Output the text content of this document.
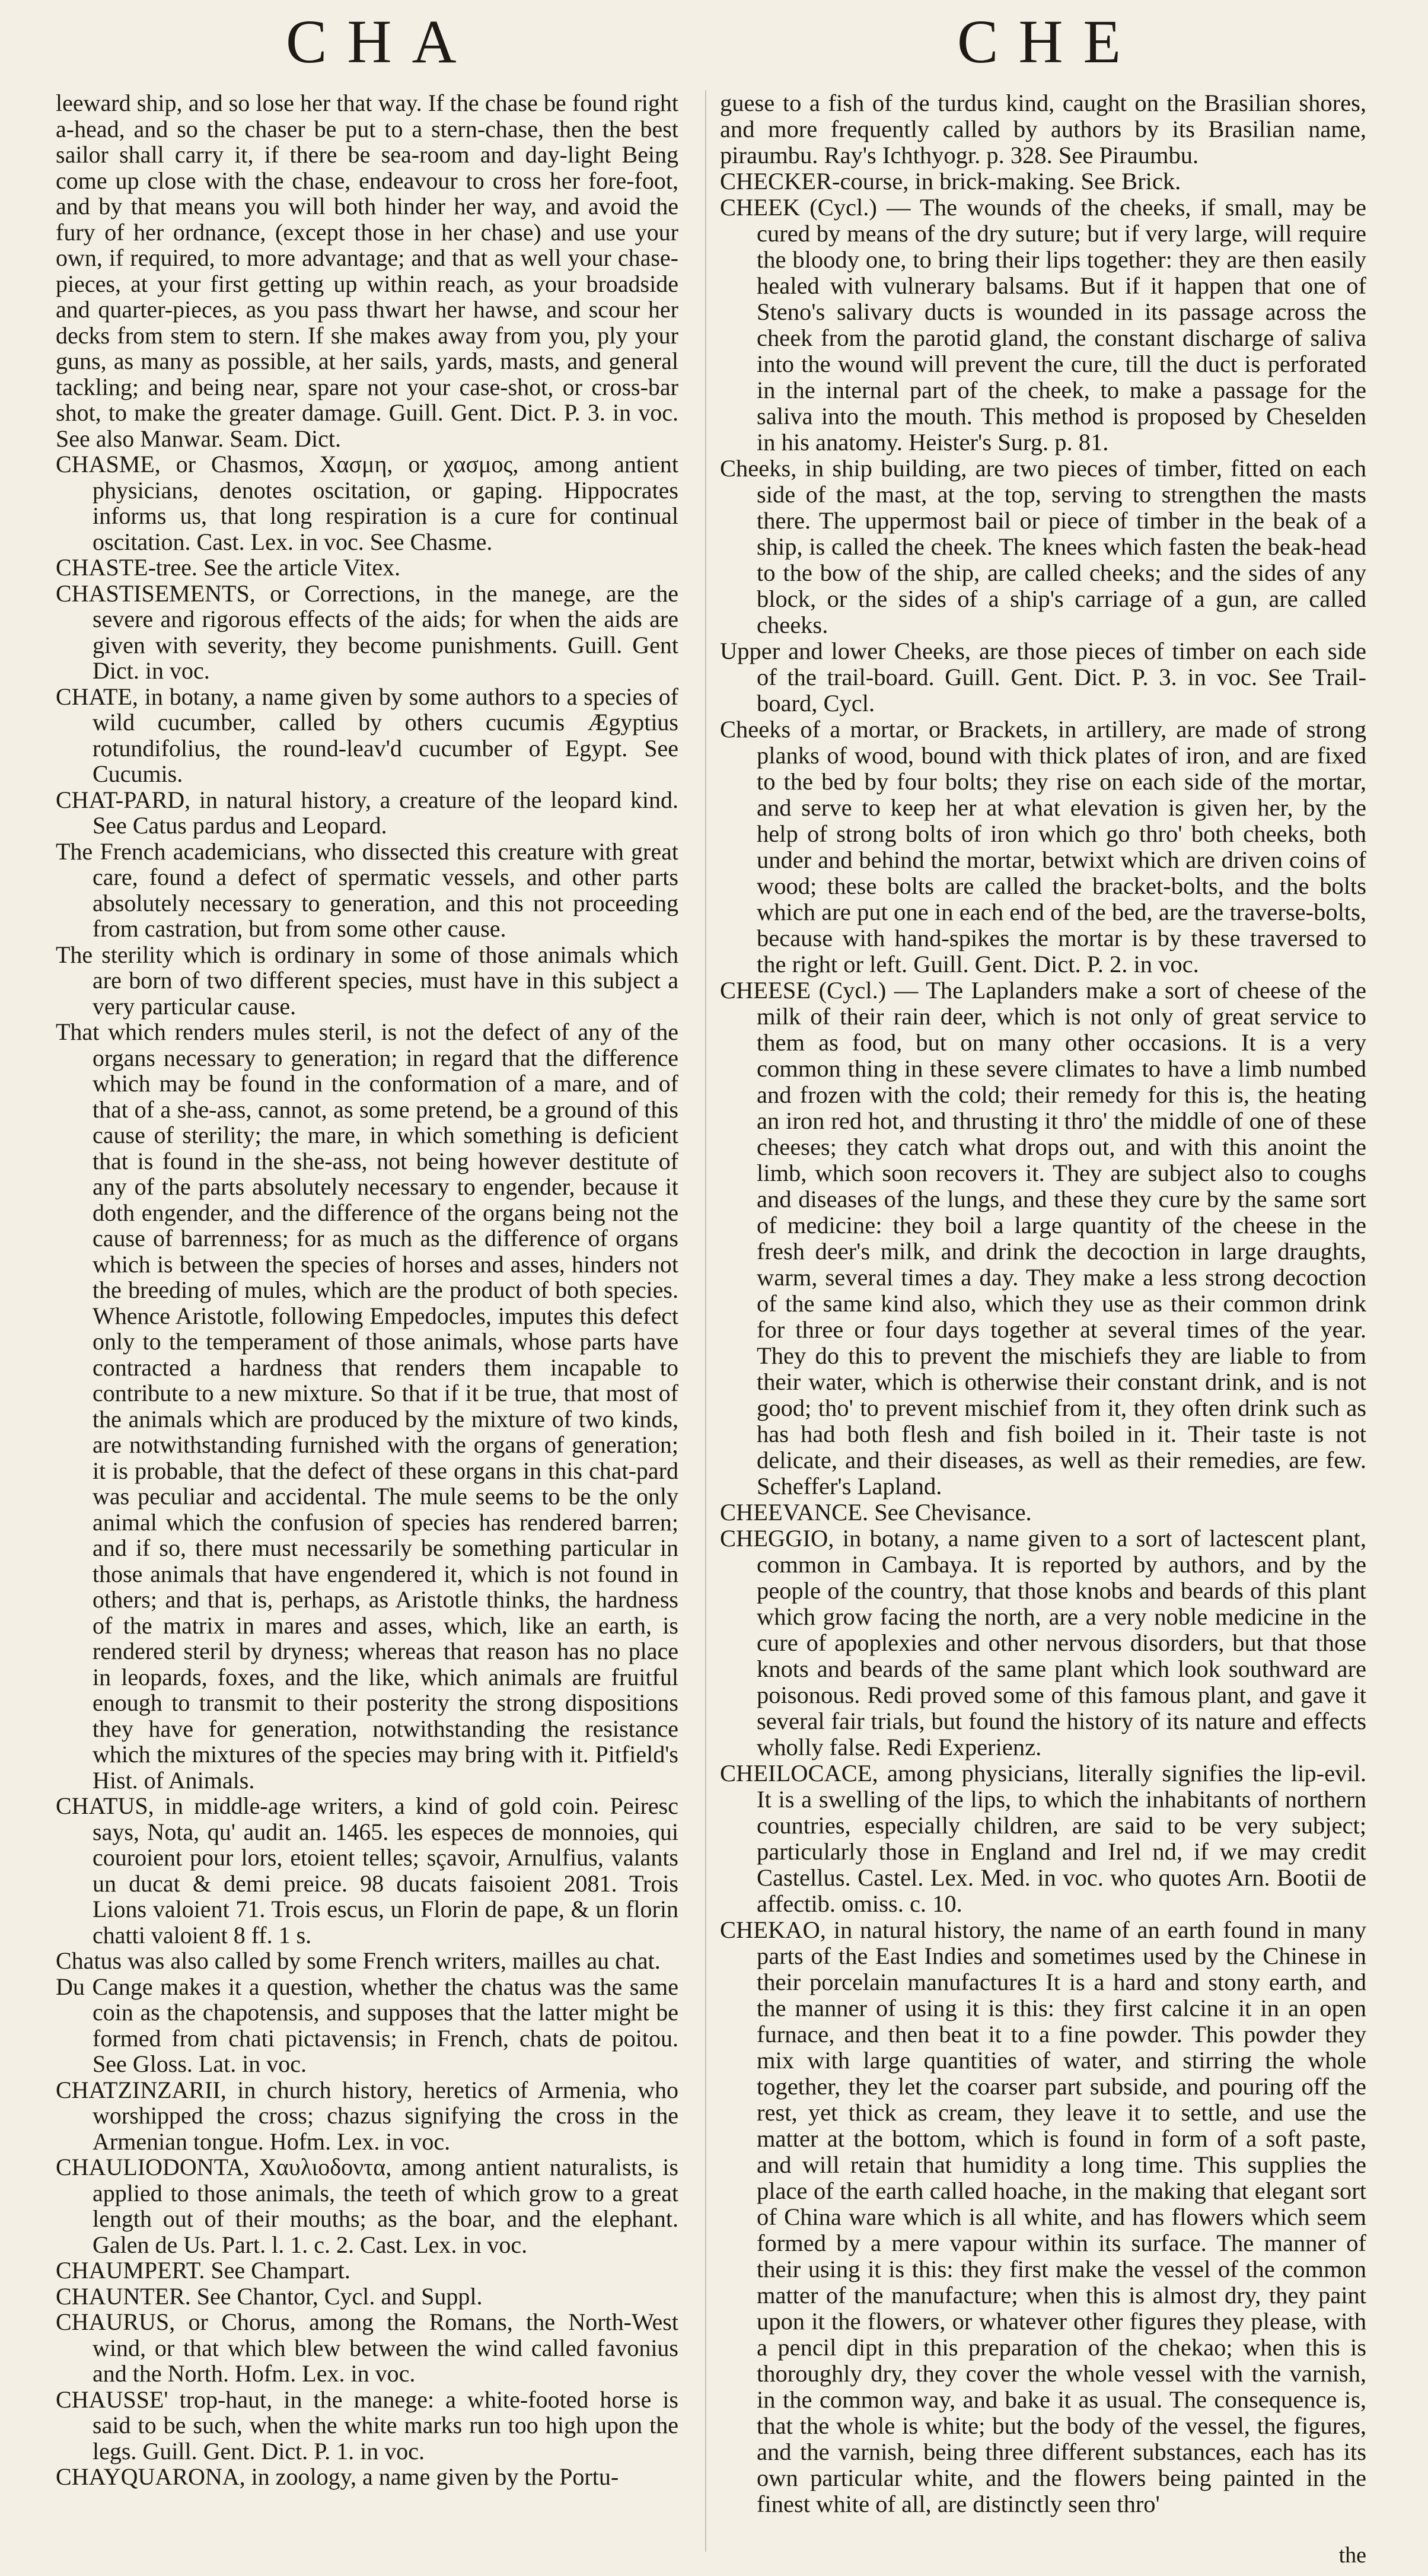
CHA	CHE

leeward ship, and so lose her that way. If the chase be found right a-head, and so the chaser be put to a stern-chase, then the best sailor shall carry it, if there be sea-room and day-light Being come up close with the chase, endeavour to cross her fore-foot, and by that means you will both hinder her way, and avoid the fury of her ordnance, (except those in her chase) and use your own, if required, to more advantage; and that as well your chase-pieces, at your first getting up within reach, as your broadside and quarter-pieces, as you pass thwart her hawse, and scour her decks from stem to stern. If she makes away from you, ply your guns, as many as possible, at her sails, yards, masts, and general tackling; and being near, spare not your case-shot, or cross-bar shot, to make the greater damage. Guill. Gent. Dict. P. 3. in voc. See also Manwar. Seam. Dict.

CHASME, or Chasmos, Χασμη, or χασμος, among antient physicians, denotes oscitation, or gaping. Hippocrates informs us, that long respiration is a cure for continual oscitation. Cast. Lex. in voc. See Chasme.

CHASTE-tree. See the article Vitex.

CHASTISEMENTS, or Corrections, in the manege, are the severe and rigorous effects of the aids; for when the aids are given with severity, they become punishments. Guill. Gent Dict. in voc.

CHATE, in botany, a name given by some authors to a species of wild cucumber, called by others cucumis Ægyptius rotundifolius, the round-leav'd cucumber of Egypt. See Cucumis.

CHAT-PARD, in natural history, a creature of the leopard kind. See Catus pardus and Leopard.

The French academicians, who dissected this creature with great care, found a defect of spermatic vessels, and other parts absolutely necessary to generation, and this not proceeding from castration, but from some other cause.

The sterility which is ordinary in some of those animals which are born of two different species, must have in this subject a very particular cause.

That which renders mules steril, is not the defect of any of the organs necessary to generation; in regard that the difference which may be found in the conformation of a mare, and of that of a she-ass, cannot, as some pretend, be a ground of this cause of sterility; the mare, in which something is deficient that is found in the she-ass, not being however destitute of any of the parts absolutely necessary to engender, because it doth engender, and the difference of the organs being not the cause of barrenness; for as much as the difference of organs which is between the species of horses and asses, hinders not the breeding of mules, which are the product of both species. Whence Aristotle, following Empedocles, imputes this defect only to the temperament of those animals, whose parts have contracted a hardness that renders them incapable to contribute to a new mixture. So that if it be true, that most of the animals which are produced by the mixture of two kinds, are notwithstanding furnished with the organs of generation; it is probable, that the defect of these organs in this chat-pard was peculiar and accidental. The mule seems to be the only animal which the confusion of species has rendered barren; and if so, there must necessarily be something particular in those animals that have engendered it, which is not found in others; and that is, perhaps, as Aristotle thinks, the hardness of the matrix in mares and asses, which, like an earth, is rendered steril by dryness; whereas that reason has no place in leopards, foxes, and the like, which animals are fruitful enough to transmit to their posterity the strong dispositions they have for generation, notwithstanding the resistance which the mixtures of the species may bring with it. Pitfield's Hist. of Animals.

CHATUS, in middle-age writers, a kind of gold coin. Peiresc says, Nota, qu' audit an. 1465. les especes de monnoies, qui couroient pour lors, etoient telles; sçavoir, Arnulfius, valants un ducat & demi preice. 98 ducats faisoient 2081. Trois Lions valoient 71. Trois escus, un Florin de pape, & un florin chatti valoient 8 ff. 1 s.

Chatus was also called by some French writers, mailles au chat.

Du Cange makes it a question, whether the chatus was the same coin as the chapotensis, and supposes that the latter might be formed from chati pictavensis; in French, chats de poitou. See Gloss. Lat. in voc.

CHATZINZARII, in church history, heretics of Armenia, who worshipped the cross; chazus signifying the cross in the Armenian tongue. Hofm. Lex. in voc.

CHAULIODONTA, Χαυλιοδοντα, among antient naturalists, is applied to those animals, the teeth of which grow to a great length out of their mouths; as the boar, and the elephant. Galen de Us. Part. l. 1. c. 2. Cast. Lex. in voc.

CHAUMPERT. See Champart.

CHAUNTER. See Chantor, Cycl. and Suppl.

CHAURUS, or Chorus, among the Romans, the North-West wind, or that which blew between the wind called favonius and the North. Hofm. Lex. in voc.

CHAUSSE' trop-haut, in the manege: a white-footed horse is said to be such, when the white marks run too high upon the legs. Guill. Gent. Dict. P. 1. in voc.

CHAYQUARONA, in zoology, a name given by the Portu-

guese to a fish of the turdus kind, caught on the Brasilian shores, and more frequently called by authors by its Brasilian name, piraumbu. Ray's Ichthyogr. p. 328. See Piraumbu.

CHECKER-course, in brick-making. See Brick.

CHEEK (Cycl.) — The wounds of the cheeks, if small, may be cured by means of the dry suture; but if very large, will require the bloody one, to bring their lips together: they are then easily healed with vulnerary balsams. But if it happen that one of Steno's salivary ducts is wounded in its passage across the cheek from the parotid gland, the constant discharge of saliva into the wound will prevent the cure, till the duct is perforated in the internal part of the cheek, to make a passage for the saliva into the mouth. This method is proposed by Cheselden in his anatomy. Heister's Surg. p. 81.

Cheeks, in ship building, are two pieces of timber, fitted on each side of the mast, at the top, serving to strengthen the masts there. The uppermost bail or piece of timber in the beak of a ship, is called the cheek. The knees which fasten the beak-head to the bow of the ship, are called cheeks; and the sides of any block, or the sides of a ship's carriage of a gun, are called cheeks.

Upper and lower Cheeks, are those pieces of timber on each side of the trail-board. Guill. Gent. Dict. P. 3. in voc. See Trail-board, Cycl.

Cheeks of a mortar, or Brackets, in artillery, are made of strong planks of wood, bound with thick plates of iron, and are fixed to the bed by four bolts; they rise on each side of the mortar, and serve to keep her at what elevation is given her, by the help of strong bolts of iron which go thro' both cheeks, both under and behind the mortar, betwixt which are driven coins of wood; these bolts are called the bracket-bolts, and the bolts which are put one in each end of the bed, are the traverse-bolts, because with hand-spikes the mortar is by these traversed to the right or left. Guill. Gent. Dict. P. 2. in voc.

CHEESE (Cycl.) — The Laplanders make a sort of cheese of the milk of their rain deer, which is not only of great service to them as food, but on many other occasions. It is a very common thing in these severe climates to have a limb numbed and frozen with the cold; their remedy for this is, the heating an iron red hot, and thrusting it thro' the middle of one of these cheeses; they catch what drops out, and with this anoint the limb, which soon recovers it. They are subject also to coughs and diseases of the lungs, and these they cure by the same sort of medicine: they boil a large quantity of the cheese in the fresh deer's milk, and drink the decoction in large draughts, warm, several times a day. They make a less strong decoction of the same kind also, which they use as their common drink for three or four days together at several times of the year. They do this to prevent the mischiefs they are liable to from their water, which is otherwise their constant drink, and is not good; tho' to prevent mischief from it, they often drink such as has had both flesh and fish boiled in it. Their taste is not delicate, and their diseases, as well as their remedies, are few. Scheffer's Lapland.

CHEEVANCE. See Chevisance.

CHEGGIO, in botany, a name given to a sort of lactescent plant, common in Cambaya. It is reported by authors, and by the people of the country, that those knobs and beards of this plant which grow facing the north, are a very noble medicine in the cure of apoplexies and other nervous disorders, but that those knots and beards of the same plant which look southward are poisonous. Redi proved some of this famous plant, and gave it several fair trials, but found the history of its nature and effects wholly false. Redi Experienz.

CHEILOCACE, among physicians, literally signifies the lip-evil. It is a swelling of the lips, to which the inhabitants of northern countries, especially children, are said to be very subject; particularly those in England and Irel nd, if we may credit Castellus. Castel. Lex. Med. in voc. who quotes Arn. Bootii de affectib. omiss. c. 10.

CHEKAO, in natural history, the name of an earth found in many parts of the East Indies and sometimes used by the Chinese in their porcelain manufactures It is a hard and stony earth, and the manner of using it is this: they first calcine it in an open furnace, and then beat it to a fine powder. This powder they mix with large quantities of water, and stirring the whole together, they let the coarser part subside, and pouring off the rest, yet thick as cream, they leave it to settle, and use the matter at the bottom, which is found in form of a soft paste, and will retain that humidity a long time. This supplies the place of the earth called hoache, in the making that elegant sort of China ware which is all white, and has flowers which seem formed by a mere vapour within its surface. The manner of their using it is this: they first make the vessel of the common matter of the manufacture; when this is almost dry, they paint upon it the flowers, or whatever other figures they please, with a pencil dipt in this preparation of the chekao; when this is thoroughly dry, they cover the whole vessel with the varnish, in the common way, and bake it as usual. The consequence is, that the whole is white; but the body of the vessel, the figures, and the varnish, being three different substances, each has its own particular white, and the flowers being painted in the finest white of all, are distinctly seen thro'

the
